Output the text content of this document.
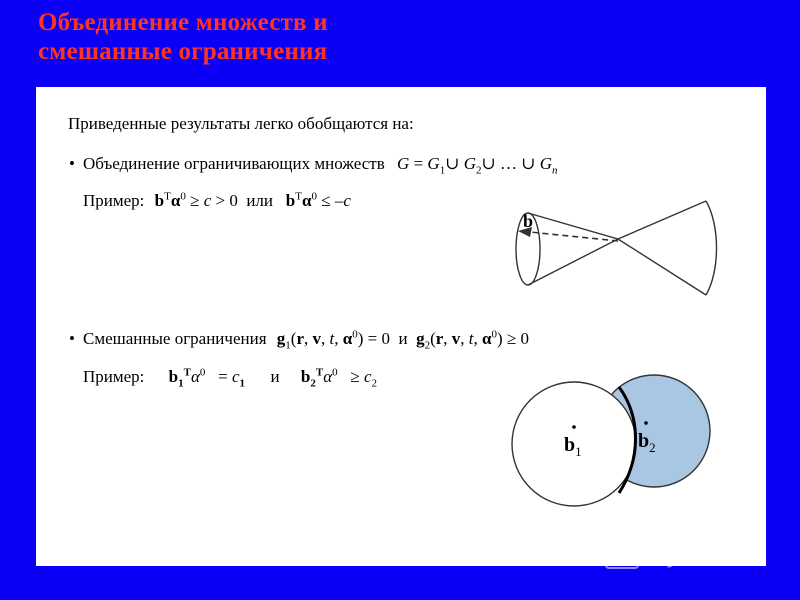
Объединение множеств и
смешанные ограничения
Приведенные результаты легко обобщаются на:
• Объединение ограничивающих множеств $G = G_1\cup$ $G_2\cup$ … ∪ $G_n$
Пример: $b^T\alpha^0 \ge c > 0$  или   $b^T\alpha^0 \le -c$
b
• Смешанные ограничения $g_1(r$, v, t, $\alpha^0) = 0$  и  $g_2(r$, v, t, $\alpha^0) \ge 0$
Пример: $b_1^T\alpha^0 = c_1$      и     $b_2^T\alpha^0 \ge c_2$
$b_1$	$b_2$
MyShared
